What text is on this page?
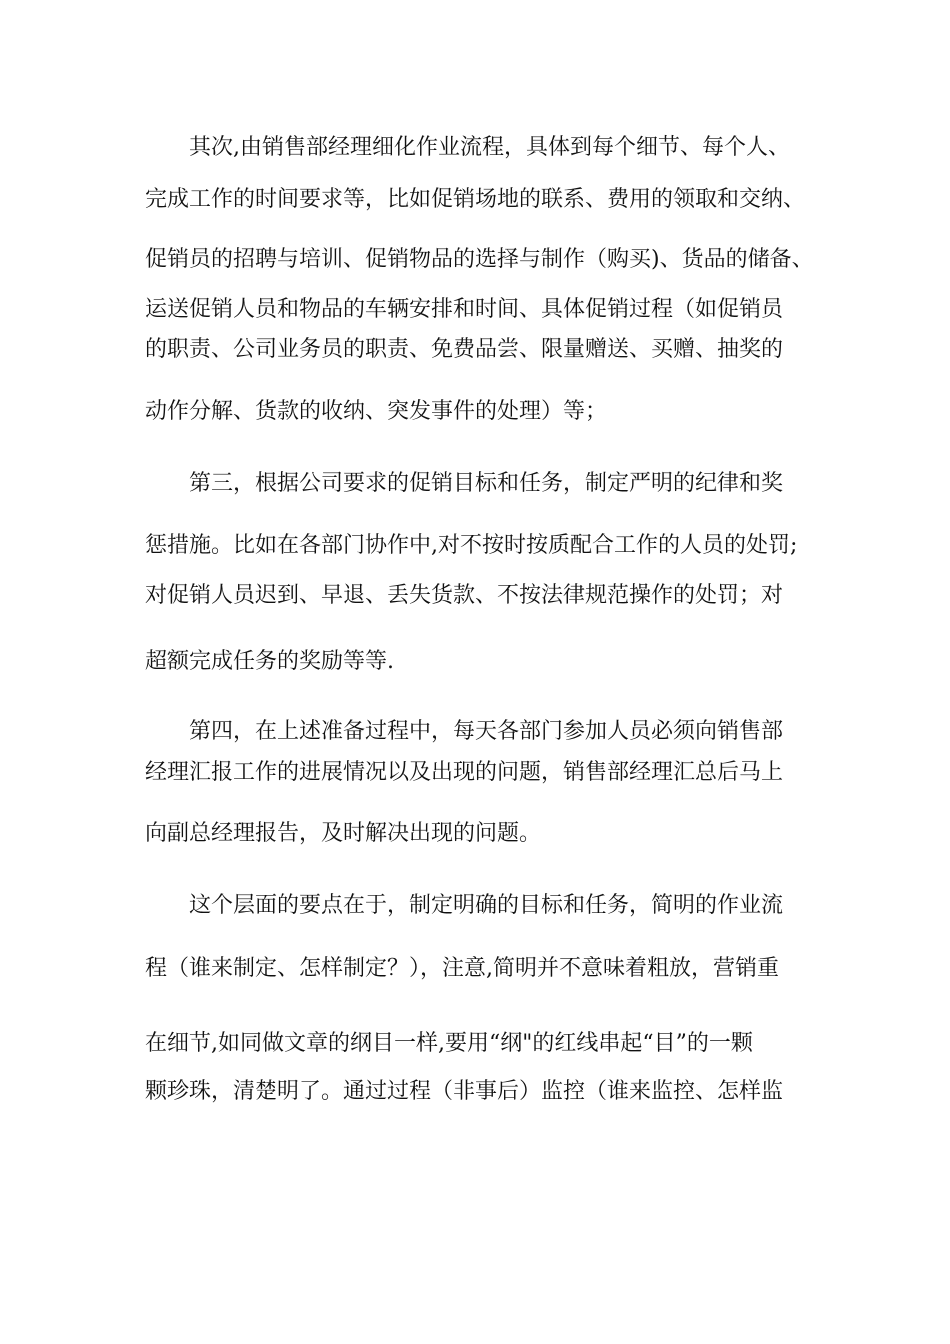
其次,由销售部经理细化作业流程，具体到每个细节、每个人、

完成工作的时间要求等，比如促销场地的联系、费用的领取和交纳、

促销员的招聘与培训、促销物品的选择与制作（购买)、货品的储备、

运送促销人员和物品的车辆安排和时间、具体促销过程（如促销员

的职责、公司业务员的职责、免费品尝、限量赠送、买赠、抽奖的

动作分解、货款的收纳、突发事件的处理）等；

第三，根据公司要求的促销目标和任务，制定严明的纪律和奖

惩措施。比如在各部门协作中,对不按时按质配合工作的人员的处罚;

对促销人员迟到、早退、丢失货款、不按法律规范操作的处罚；对

超额完成任务的奖励等等.

第四，在上述准备过程中，每天各部门参加人员必须向销售部

经理汇报工作的进展情况以及出现的问题，销售部经理汇总后马上

向副总经理报告，及时解决出现的问题。

这个层面的要点在于，制定明确的目标和任务，简明的作业流

程（谁来制定、怎样制定？），注意,简明并不意味着粗放，营销重

在细节,如同做文章的纲目一样,要用“纲"的红线串起“目”的一颗

颗珍珠，清楚明了。通过过程（非事后）监控（谁来监控、怎样监
